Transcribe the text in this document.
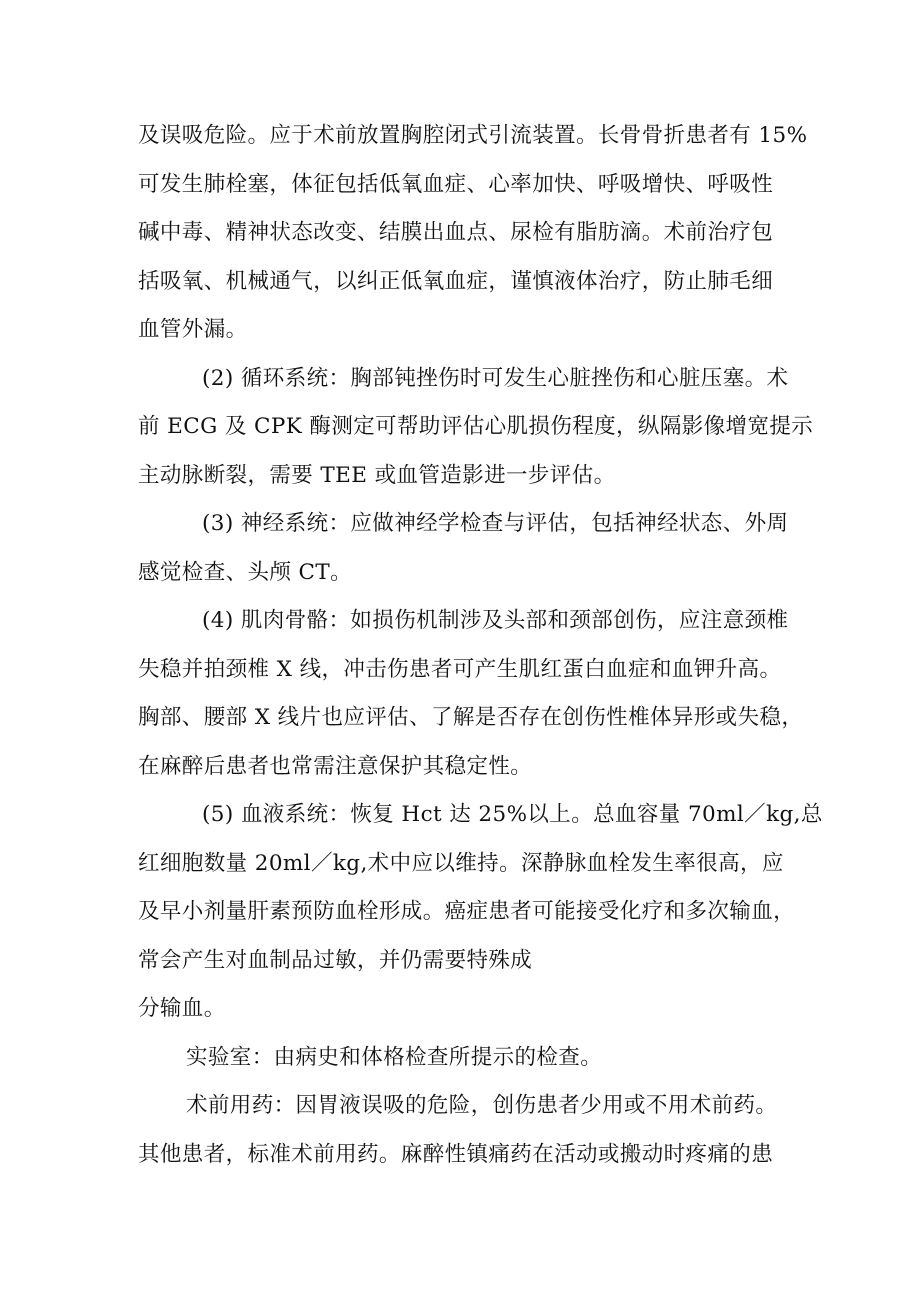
及误吸危险。应于术前放置胸腔闭式引流装置。长骨骨折患者有 15%
可发生肺栓塞，体征包括低氧血症、心率加快、呼吸增快、呼吸性
碱中毒、精神状态改变、结膜出血点、尿检有脂肪滴。术前治疗包
括吸氧、机械通气，以纠正低氧血症，谨慎液体治疗，防止肺毛细
血管外漏。
(2) 循环系统：胸部钝挫伤时可发生心脏挫伤和心脏压塞。术
前 ECG 及 CPK 酶测定可帮助评估心肌损伤程度，纵隔影像增宽提示
主动脉断裂，需要 TEE 或血管造影进一步评估。
(3) 神经系统：应做神经学检查与评估，包括神经状态、外周
感觉检查、头颅 CT。
(4) 肌肉骨骼：如损伤机制涉及头部和颈部创伤，应注意颈椎
失稳并拍颈椎 X 线，冲击伤患者可产生肌红蛋白血症和血钾升高。
胸部、腰部 X 线片也应评估、了解是否存在创伤性椎体异形或失稳，
在麻醉后患者也常需注意保护其稳定性。
(5) 血液系统：恢复 Hct 达 25%以上。总血容量 70ml／kg,总
红细胞数量 20ml／kg,术中应以维持。深静脉血栓发生率很高，应
及早小剂量肝素预防血栓形成。癌症患者可能接受化疗和多次输血，
常会产生对血制品过敏，并仍需要特殊成
分输血。
实验室：由病史和体格检查所提示的检查。
术前用药：因胃液误吸的危险，创伤患者少用或不用术前药。
其他患者，标准术前用药。麻醉性镇痛药在活动或搬动时疼痛的患
